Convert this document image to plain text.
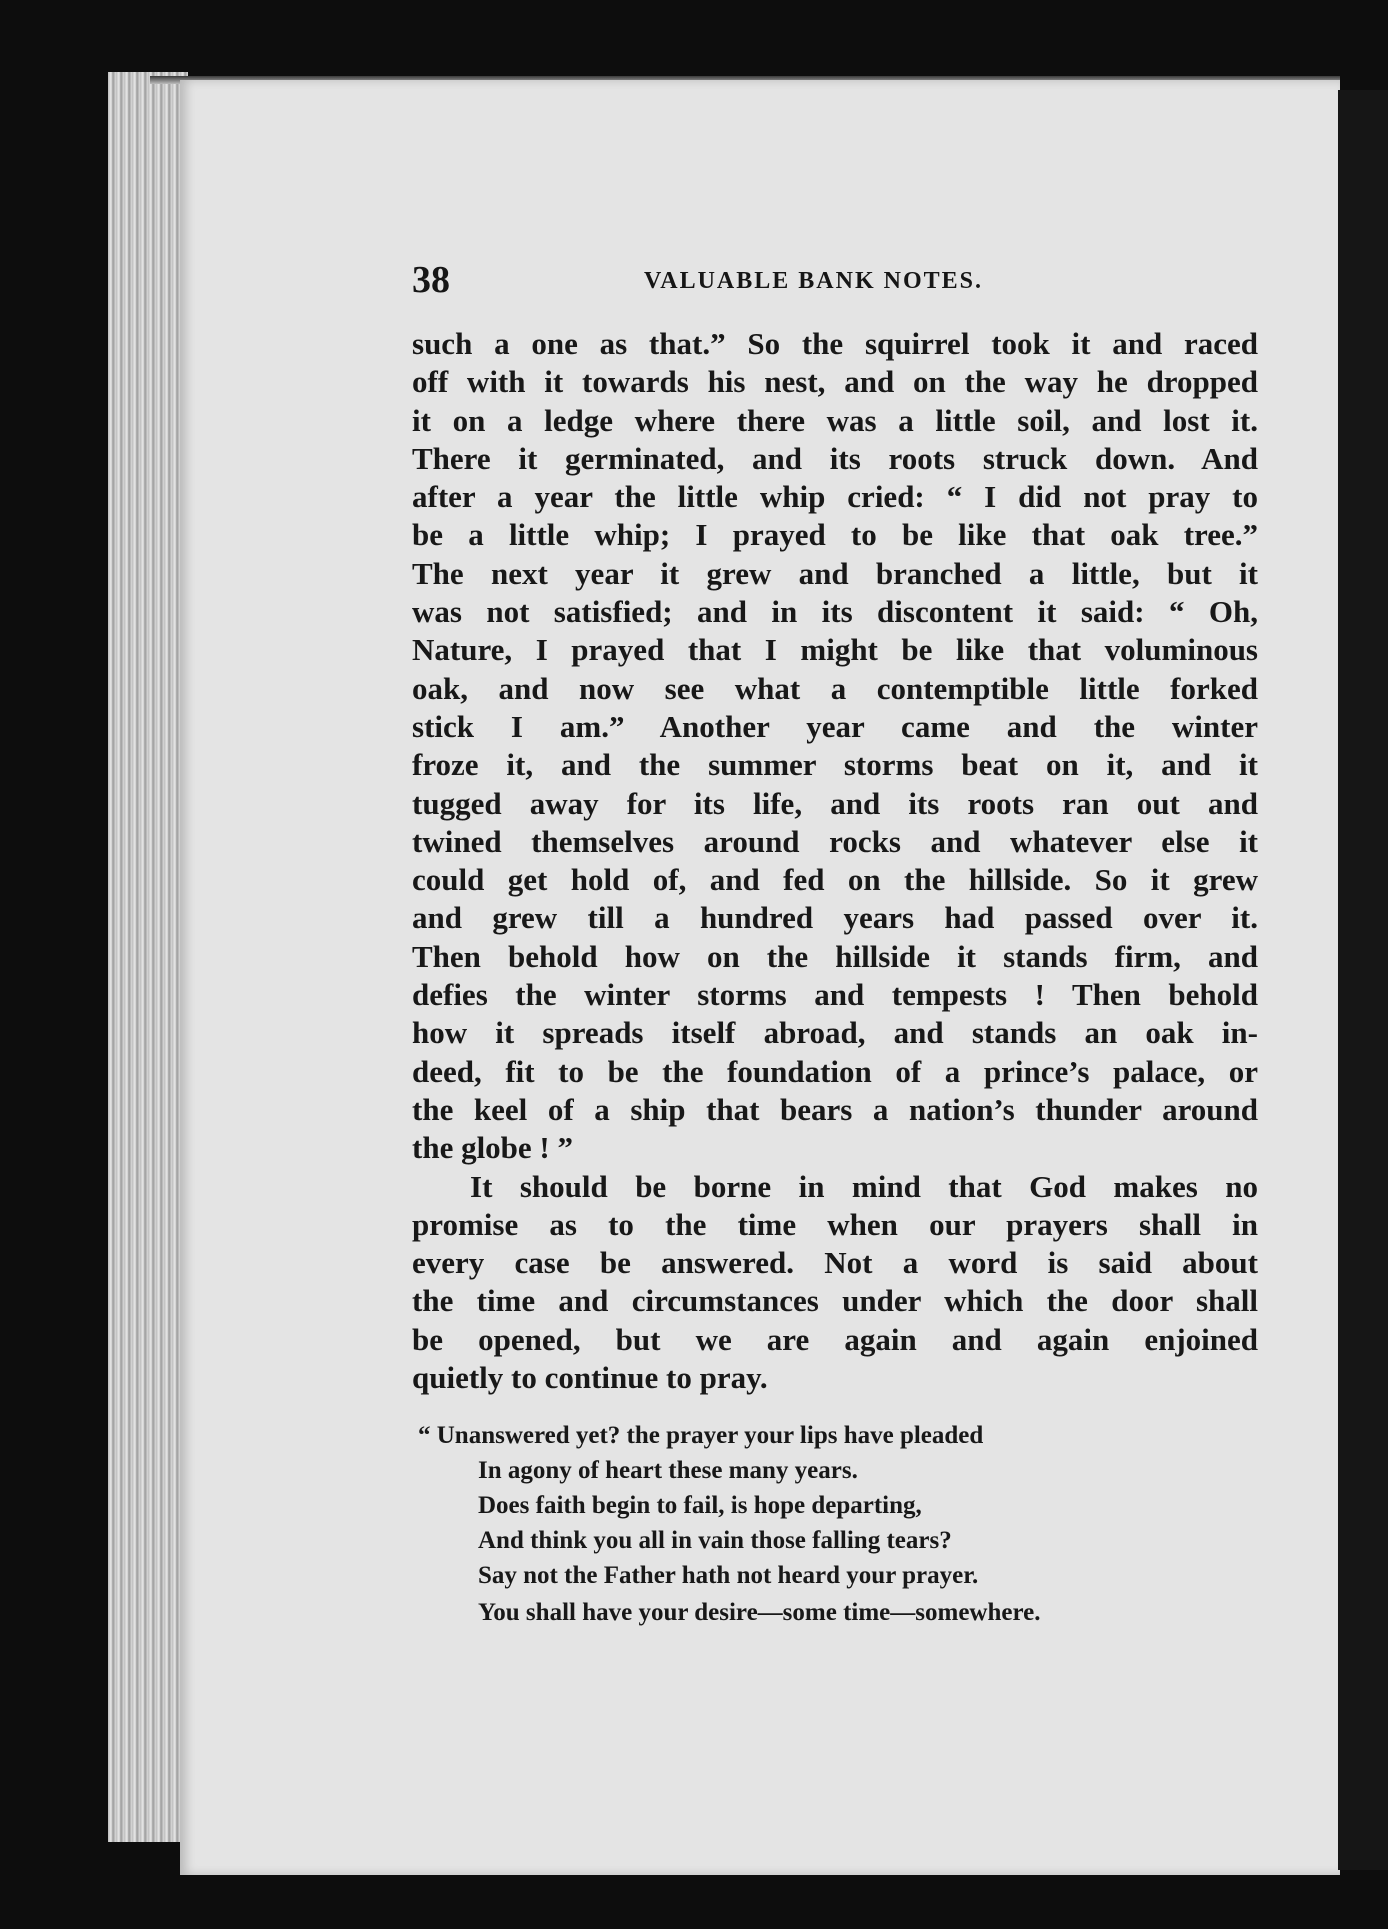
38	VALUABLE BANK NOTES.
such a one as that.” So the squirrel took it and raced
off with it towards his nest, and on the way he dropped
it on a ledge where there was a little soil, and lost it.
There it germinated, and its roots struck down. And
after a year the little whip cried: “ I did not pray to
be a little whip; I prayed to be like that oak tree.”
The next year it grew and branched a little, but it
was not satisfied; and in its discontent it said: “ Oh,
Nature, I prayed that I might be like that voluminous
oak, and now see what a contemptible little forked
stick I am.” Another year came and the winter
froze it, and the summer storms beat on it, and it
tugged away for its life, and its roots ran out and
twined themselves around rocks and whatever else it
could get hold of, and fed on the hillside. So it grew
and grew till a hundred years had passed over it.
Then behold how on the hillside it stands firm, and
defies the winter storms and tempests ! Then behold
how it spreads itself abroad, and stands an oak in-
deed, fit to be the foundation of a prince’s palace, or
the keel of a ship that bears a nation’s thunder around
the globe ! ”
It should be borne in mind that God makes no
promise as to the time when our prayers shall in
every case be answered. Not a word is said about
the time and circumstances under which the door shall
be opened, but we are again and again enjoined
quietly to continue to pray.
“ Unanswered yet? the prayer your lips have pleaded
In agony of heart these many years.
Does faith begin to fail, is hope departing,
And think you all in vain those falling tears?
Say not the Father hath not heard your prayer.
You shall have your desire—some time—somewhere.
